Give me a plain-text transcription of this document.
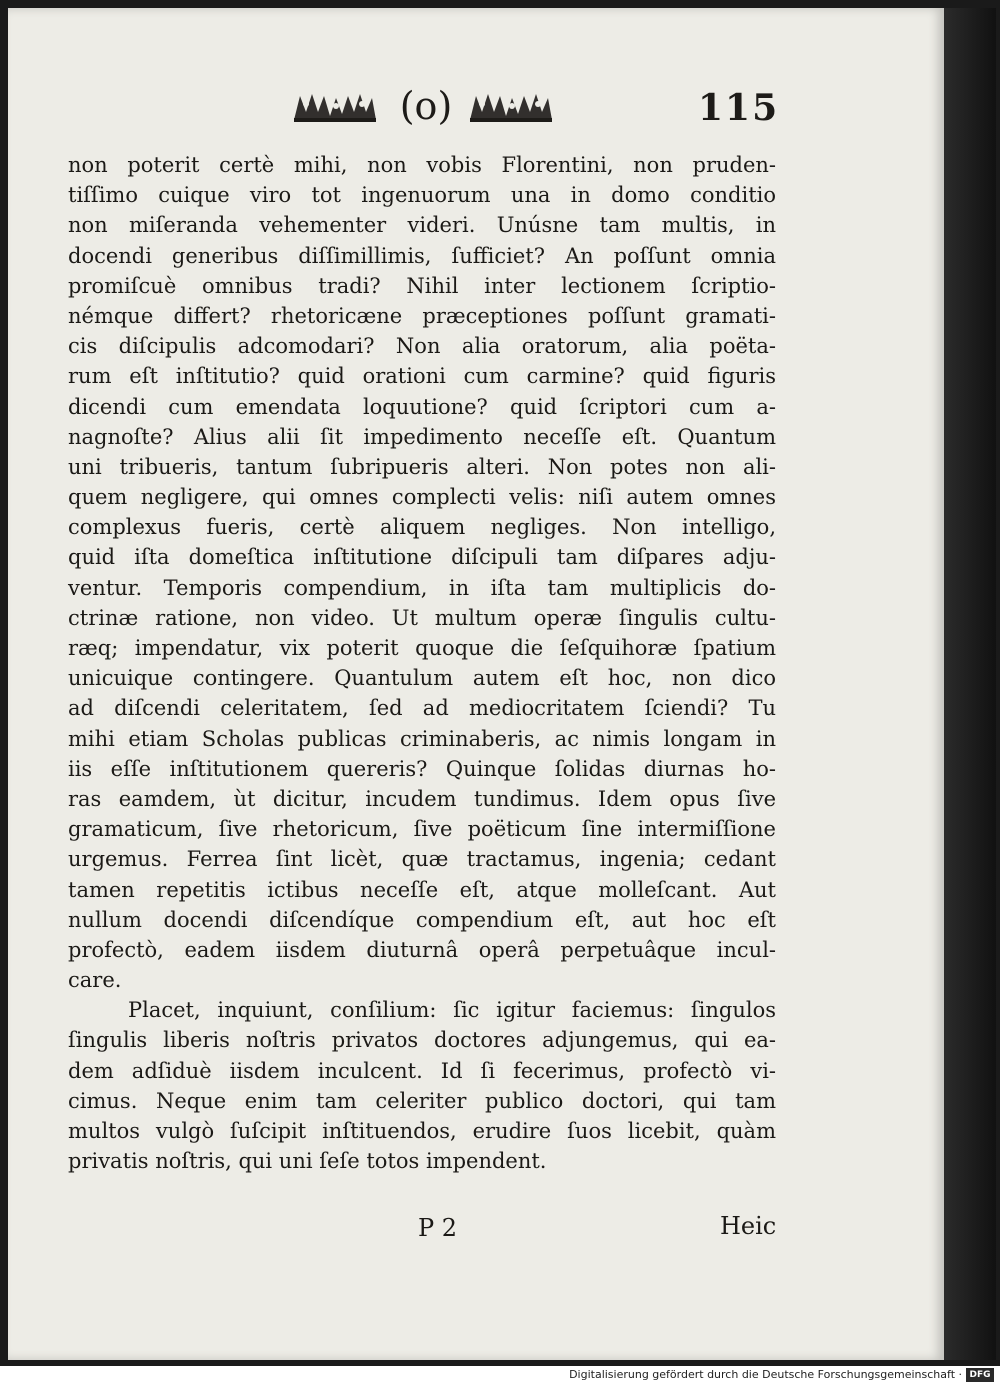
(o)	115
non poterit certè mihi, non vobis Florentini, non pruden-
tiſſimo cuique viro tot ingenuorum una in domo conditio
non miſeranda vehementer videri. Unúsne tam multis, in
docendi generibus diſſimillimis, ſufficiet? An poſſunt omnia
promiſcuè omnibus tradi? Nihil inter lectionem ſcriptio-
némque differt? rhetoricæne præceptiones poſſunt gramati-
cis diſcipulis adcomodari? Non alia oratorum, alia poëta-
rum eſt inſtitutio? quid orationi cum carmine? quid figuris
dicendi cum emendata loquutione? quid ſcriptori cum a-
nagnoſte? Alius alii ſit impedimento neceſſe eſt. Quantum
uni tribueris, tantum ſubripueris alteri. Non potes non ali-
quem negligere, qui omnes complecti velis: niſi autem omnes
complexus fueris, certè aliquem negliges. Non intelligo,
quid iſta domeſtica inſtitutione diſcipuli tam diſpares adju-
ventur. Temporis compendium, in iſta tam multiplicis do-
ctrinæ ratione, non video. Ut multum operæ ſingulis cultu-
ræq; impendatur, vix poterit quoque die ſeſquihoræ ſpatium
unicuique contingere. Quantulum autem eſt hoc, non dico
ad diſcendi celeritatem, ſed ad mediocritatem ſciendi? Tu
mihi etiam Scholas publicas criminaberis, ac nimis longam in
iis eſſe inſtitutionem quereris? Quinque ſolidas diurnas ho-
ras eamdem, ùt dicitur, incudem tundimus. Idem opus ſive
gramaticum, ſive rhetoricum, ſive poëticum ſine intermiſſione
urgemus. Ferrea ſint licèt, quæ tractamus, ingenia; cedant
tamen repetitis ictibus neceſſe eſt, atque molleſcant. Aut
nullum docendi diſcendíque compendium eſt, aut hoc eſt
profectò, eadem iisdem diuturnâ operâ perpetuâque incul-
care.
Placet, inquiunt, conſilium: ſic igitur faciemus: ſingulos
ſingulis liberis noſtris privatos doctores adjungemus, qui ea-
dem adſiduè iisdem inculcent. Id ſi fecerimus, profectò vi-
cimus. Neque enim tam celeriter publico doctori, qui tam
multos vulgò ſuſcipit inſtituendos, erudire ſuos licebit, quàm
privatis noſtris, qui uni ſeſe totos impendent.
P 2	Heic
Digitalisierung gefördert durch die Deutsche Forschungsgemeinschaft · DFG
